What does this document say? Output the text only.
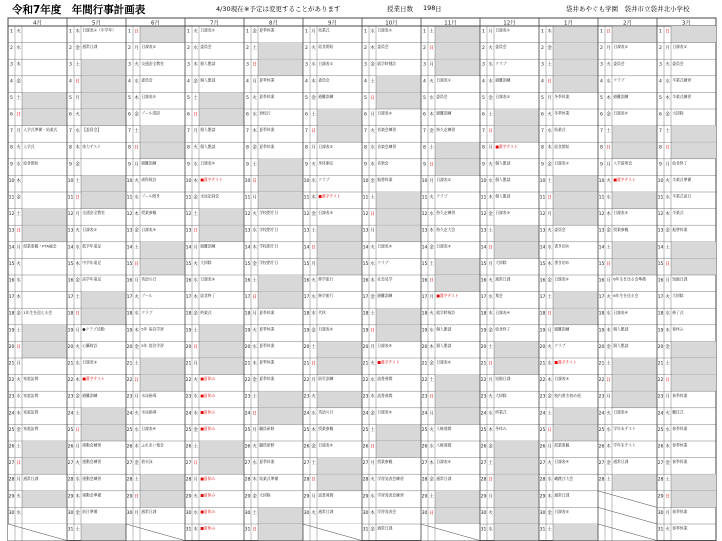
令和7年度　年間行事計画表	4/30現在 ※予定は変更することがあります	授業日数 198 日	袋井あやぐも学園　袋井市立袋井北小学校
4月
1 火
2 水
3 木
4 金
5 土
6 日
7 月 入学式準備・始業式
8 火 入学式
9 水 給食開始
10 木
11 金
12 土
13 日
14 月 授業参観・PTA総会
15 火
16 水
17 木
18 金 1年生を迎える会
19 土
20 日
21 月
22 火 家庭訪問
23 水 家庭訪問
24 木 家庭訪問
25 金 家庭訪問
26 土
27 日
28 月 通常日課
29 火
30 水
5月
1 木 日課表①（中学年）
2 金 通常日課
3 土
4 日
5 月
6 火
7 水 【委員会】
8 木 体力テスト
9 金
10 土
11 日
12 月 交通安全教室
13 火 日課表②
14 水 低学年遠足
15 木 中学年遠足
16 金 高学年遠足
17 土
18 日
19 月 ●クラブ活動
20 火 心臓検診
21 水 日課表③
22 木 ■漢字テスト
23 金 避難訓練
24 土
25 日
26 月 運動会練習
27 火 運動会練習
28 水 運動会練習
29 木 運動会準備
30 金 前日準備
31 土
6月
1 日
2 月 日課表①
3 火 交通安全教室
4 水 委員会
5 木 日課表②
6 金 プール清掃
7 土
8 日
9 月 避難訓練
10 火 歯科検診
11 水 プール開き
12 木 授業参観
13 金 日課表③
14 土
15 日
16 月 英語の日
17 火 プール
18 水 クラブ
19 木 5年 宿泊学習
20 金 5年 宿泊学習
21 土
22 日
23 月 水泳指導
24 火 水泳指導
25 水 日課表④
26 木 ふれあい集会
27 金 着衣泳
28 土
29 日
30 月 通常日課
7月
1 火 日課表①
2 水 委員会
3 木 個人懇談
4 金 個人懇談
5 土
6 日
7 月 個人懇談
8 火 個人懇談
9 水 日課表②
10 木 ■漢字テスト
11 金 水泳記録会
12 土
13 日
14 月 避難訓練
15 火 大掃除
16 水 日課表③
17 木 給食終了
18 金 終業式
19 土
20 日
21 月
22 火 ■夏休み
23 水 ■夏休み
24 木 ■夏休み
25 金 ■夏休み
26 土
27 日
28 月 ■夏休み
29 火 ■夏休み
30 水 ■夏休み
31 木 ■夏休み
8月
1 金 夏季休業
2 土
3 日
4 月 夏季休業
5 火 夏季休業
6 水 登校日
7 木 夏季休業
8 金 夏季休業
9 土
10 日
11 月
12 火 学校閉庁日
13 水 学校閉庁日
14 木 学校閉庁日
15 金 学校閉庁日
16 土
17 日
18 月 夏季休業
19 火 夏季休業
20 水 夏季休業
21 木 夏季休業
22 金 夏季休業
23 土
24 日
25 月 職員研修
26 火 職員研修
27 水 夏季休業
28 木 始業式準備
29 金 大掃除
30 土
31 日
9月
1 月 始業式
2 火 給食開始
3 水 日課表①
4 木 委員会
5 金 避難訓練
6 土
7 日
8 月 日課表②
9 火 身体測定
10 水 クラブ
11 木 ■漢字テスト
12 金 日課表③
13 土
14 日
15 月
16 火 修学旅行
17 水 修学旅行
18 木 代休
19 金 日課表④
20 土
21 日
22 月 防災訓練
23 火
24 水 英語の日
25 木 授業参観
26 金 日課表⑤
27 土
28 日
29 月 読書週間
30 火 通常日課
10月
1 水 日課表①
2 木 委員会
3 金 就学時健診
4 土
5 日
6 月 日課表②
7 火 音楽会練習
8 水 音楽会練習
9 木 音楽会
10 金 振替休業
11 土
12 日
13 月
14 火 日課表③
15 水 クラブ
16 木 社会見学
17 金 避難訓練
18 土
19 日
20 月 日課表④
21 火 ■漢字テスト
22 水 読書週間
23 木 読書週間
24 金 日課表⑤
25 土
26 日
27 月 授業参観
28 火 学習発表会練習
29 水 学習発表会練習
30 木 学習発表会
31 金 通常日課
11月
1 土
2 日
3 月
4 火 日課表①
5 水 委員会
6 木 避難訓練
7 金 持久走練習
8 土
9 日
10 月 日課表②
11 火 クラブ
12 水 持久走練習
13 木 持久走大会
14 金 日課表③
15 土
16 日
17 月 ■漢字テスト
18 火 就学時検診
19 水 個人懇談
20 木 個人懇談
21 金 日課表④
22 土
23 日
24 月
25 火 人権週間
26 水 人権週間
27 木 日課表⑤
28 金 通常日課
29 土
30 日
12月
1 月 日課表①
2 火 委員会
3 水 クラブ
4 木 避難訓練
5 金 日課表②
6 土
7 日
8 月 ■漢字テスト
9 火 個人懇談
10 水 個人懇談
11 木 個人懇談
12 金 日課表③
13 土
14 日
15 月 大掃除
16 火 通常日課
17 水 集会
18 木 日課表④
19 金 給食終了
20 土
21 日
22 月 短縮日課
23 火 大掃除
24 水 終業式
25 木 冬休み
26 金
27 土
28 日
29 月
30 火
31 水
1月
1 木
2 金
3 土
4 日
5 月 冬季休業
6 火 冬季休業
7 水 始業式
8 木 給食開始
9 金 日課表①
10 土
11 日
12 月
13 火 委員会
14 水 書き初め
15 木 書き初め
16 金 日課表②
17 土
18 日
19 月 避難訓練
20 火 クラブ
21 水 ■漢字テスト
22 木 日課表③
23 金 校内書き初め展
24 土
25 日
26 月 授業参観
27 火 日課表④
28 水 縄跳び大会
29 木 通常日課
30 金 日課表⑤
31 土
2月
1 日
2 月 日課表①
3 火 委員会
4 水 クラブ
5 木 避難訓練
6 金 日課表②
7 土
8 日
9 月 入学説明会
10 火 ■漢字テスト
11 水
12 木 日課表③
13 金 授業参観
14 土
15 日
16 月 6年生を送る会準備
17 火 6年生を送る会
18 水 日課表④
19 木 個人懇談
20 金 個人懇談
21 土
22 日
23 月
24 火 日課表⑤
25 水 学年末テスト
26 木 学年末テスト
27 金 通常日課
28 土
3月
1 日
2 月 日課表①
3 火 委員会
4 水 卒業式練習
5 木 卒業式練習
6 金 大掃除
7 土
8 日
9 月 給食終了
10 火 卒業式準備
11 水 卒業式前日
12 木 卒業式
13 金 振替休業
14 土
15 日
16 月 短縮日課
17 火 大掃除
18 水 修了式
19 木 春休み
20 金
21 土
22 日
23 月 春季休業
24 火 離任式
25 水 春季休業
26 木 春季休業
27 金 春季休業
28 土
29 日
30 月 春季休業
31 火 春季休業
